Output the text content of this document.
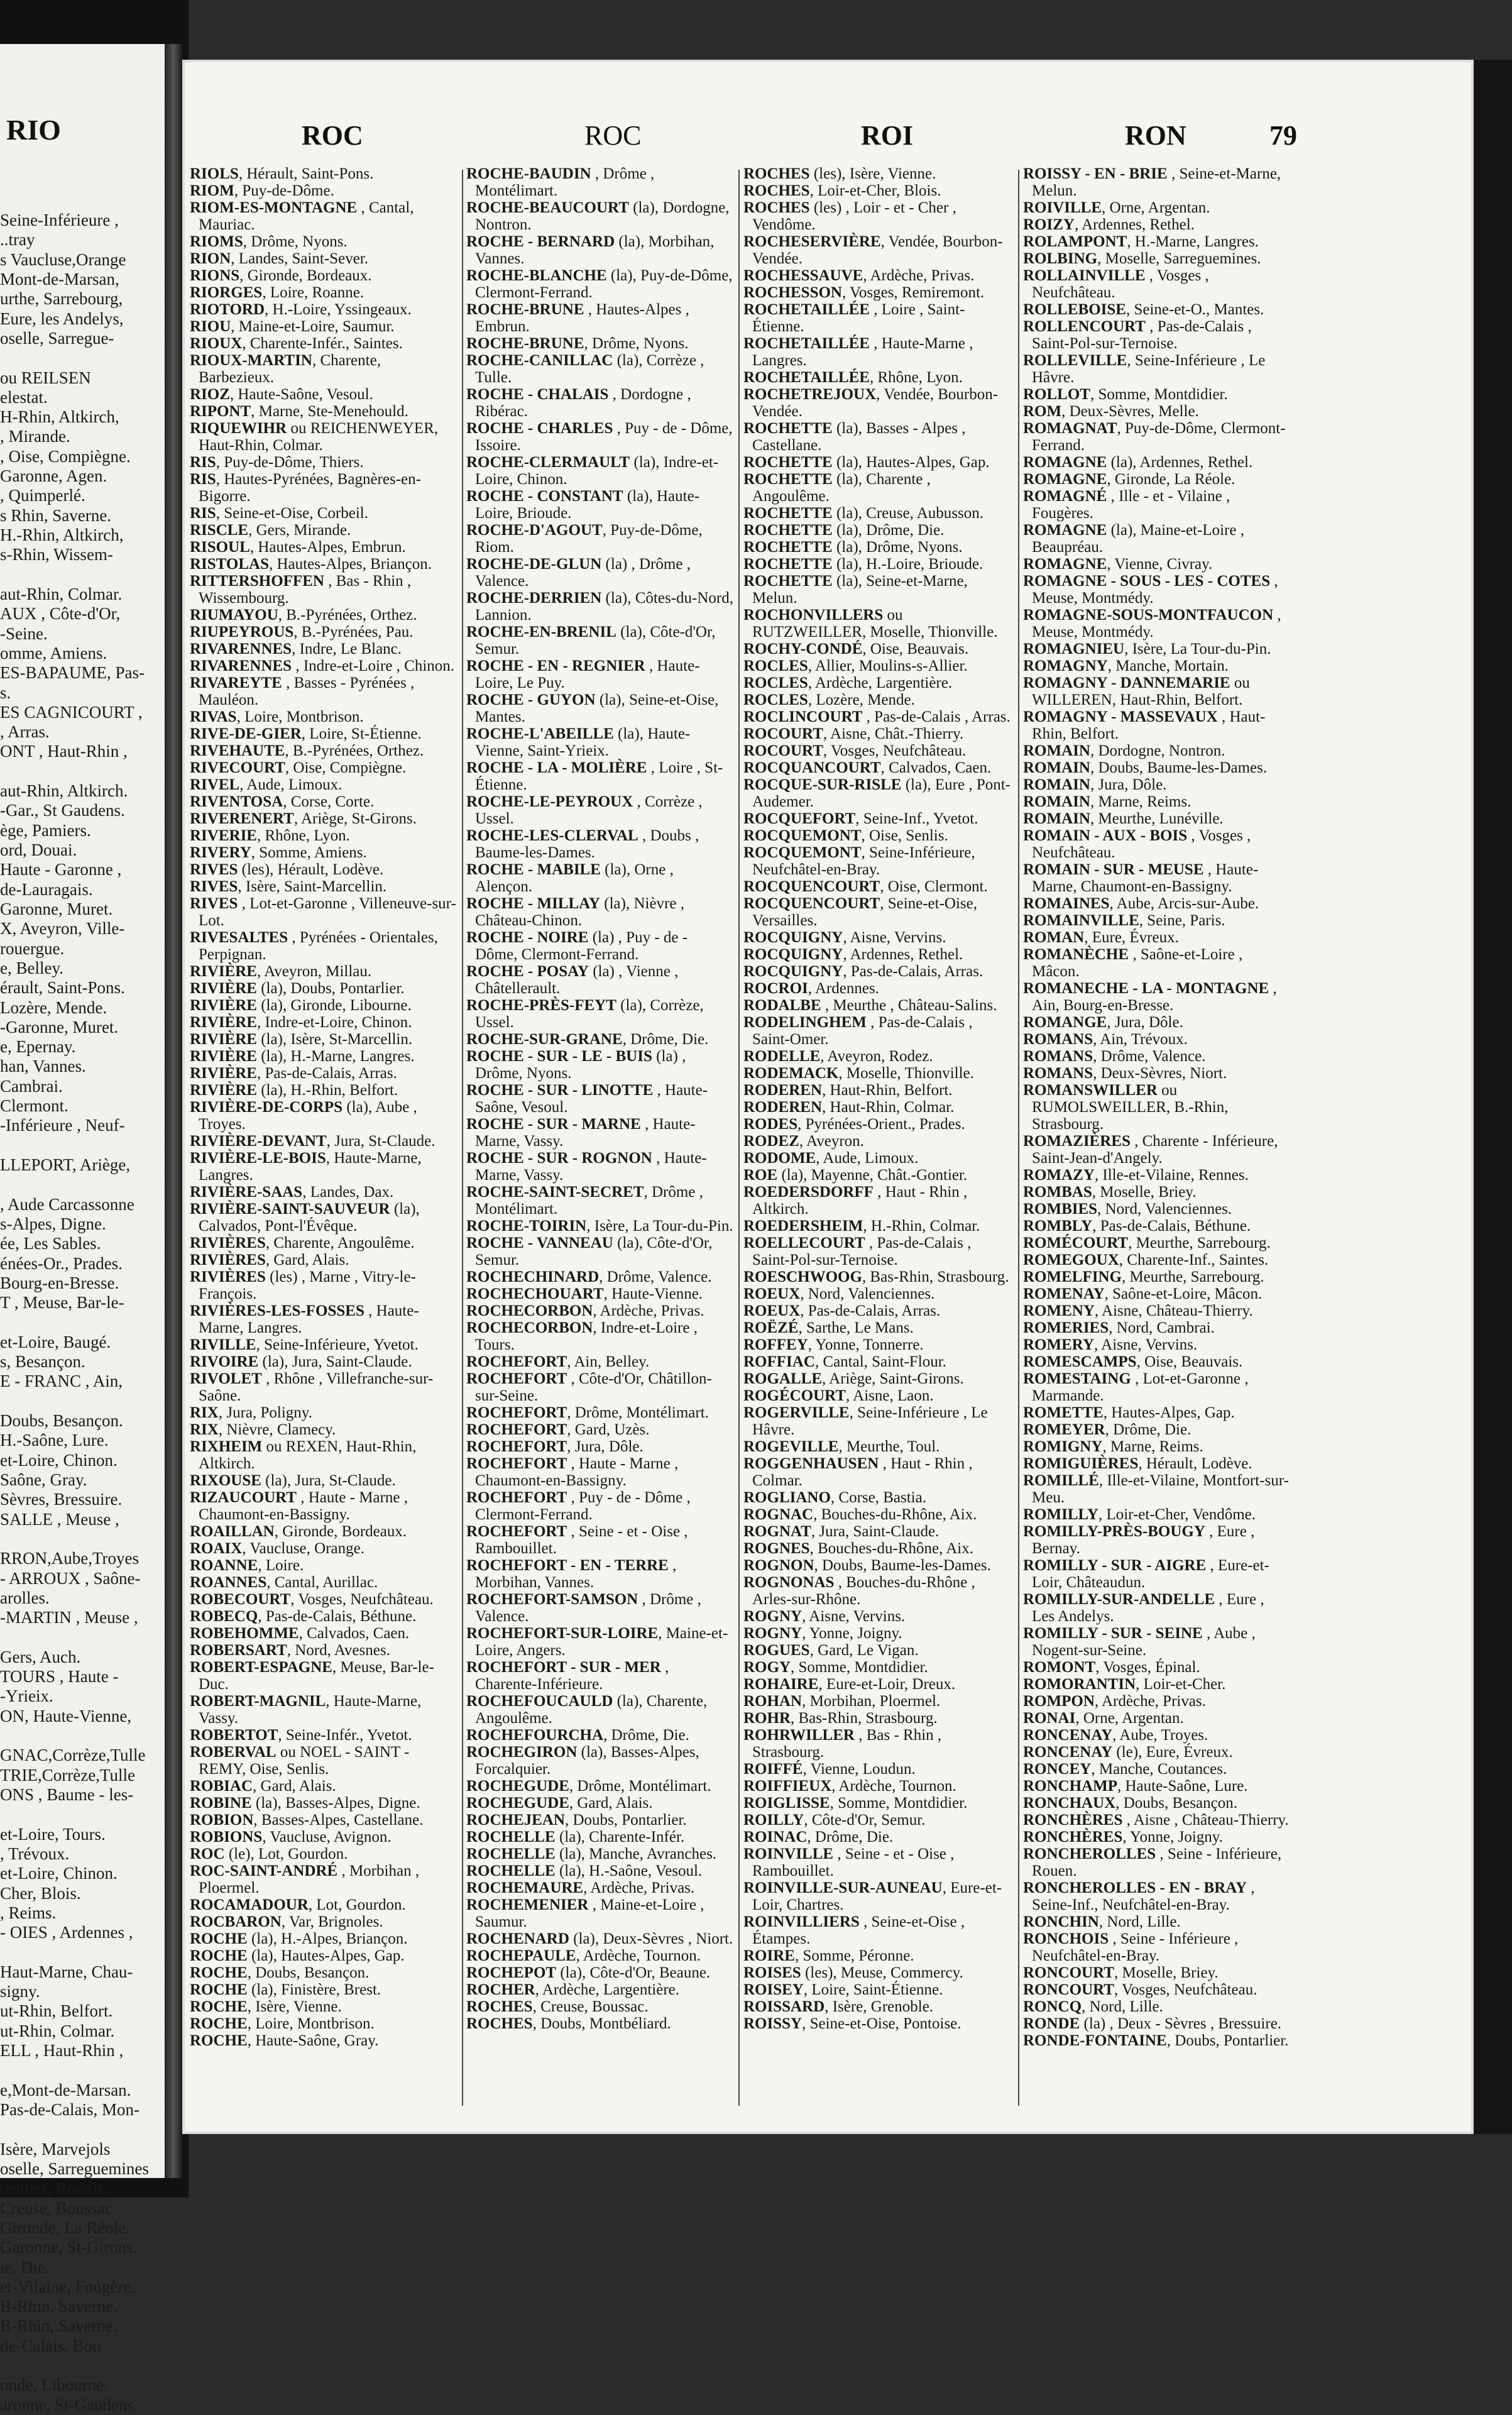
RIO
Seine-Inférieure ,
..tray
s Vaucluse,Orange
Mont-de-Marsan,
urthe, Sarrebourg,
Eure, les Andelys,
oselle, Sarregue-

ou REILSEN
elestat.
H-Rhin, Altkirch,
, Mirande.
, Oise, Compiègne.
Garonne, Agen.
, Quimperlé.
s Rhin, Saverne.
H.-Rhin, Altkirch,
s-Rhin, Wissem-

aut-Rhin, Colmar.
AUX , Côte-d'Or,
-Seine.
omme, Amiens.
ES-BAPAUME, Pas-
s.
ES CAGNICOURT ,
, Arras.
ONT , Haut-Rhin ,

aut-Rhin, Altkirch.
-Gar., St Gaudens.
ège, Pamiers.
ord, Douai.
Haute - Garonne ,
de-Lauragais.
Garonne, Muret.
X, Aveyron, Ville-
rouergue.
e, Belley.
érault, Saint-Pons.
Lozère, Mende.
-Garonne, Muret.
e, Epernay.
han, Vannes.
Cambrai.
Clermont.
-Inférieure , Neuf-

LLEPORT, Ariège,

, Aude Carcassonne
s-Alpes, Digne.
ée, Les Sables.
énées-Or., Prades.
Bourg-en-Bresse.
T , Meuse, Bar-le-

et-Loire, Baugé.
s, Besançon.
E - FRANC , Ain,

Doubs, Besançon.
H.-Saône, Lure.
et-Loire, Chinon.
Saône, Gray.
Sèvres, Bressuire.
SALLE , Meuse ,

RRON,Aube,Troyes
- ARROUX , Saône-
arolles.
-MARTIN , Meuse ,

Gers, Auch.
TOURS , Haute -
-Yrieix.
ON, Haute-Vienne,

GNAC,Corrèze,Tulle
TRIE,Corrèze,Tulle
ONS , Baume - les-

et-Loire, Tours.
, Trévoux.
et-Loire, Chinon.
Cher, Blois.
, Reims.
- OIES , Ardennes ,

Haut-Marne, Chau-
signy.
ut-Rhin, Belfort.
ut-Rhin, Colmar.
ELL , Haut-Rhin ,

e,Mont-de-Marsan.
Pas-de-Calais, Mon-

Isère, Marvejols
oselle, Sarreguemines
dennes, Rocroi.
Creuse, Boussac.
Gironde, La Réole.
Garonne, St-Girons.
ie, Die.
et-Vilaine, Fougère.
B-Rhin, Saverne.
B-Rhin, Saverne.
de-Calais, Bou

onde, Libourne.
aronne, St-Gaudens.
ROC	ROC	ROI	RON	79
RIOLS, Hérault, Saint-Pons.
RIOM, Puy-de-Dôme.
RIOM-ES-MONTAGNE , Cantal, Mauriac.
RIOMS, Drôme, Nyons.
RION, Landes, Saint-Sever.
RIONS, Gironde, Bordeaux.
RIORGES, Loire, Roanne.
RIOTORD, H.-Loire, Yssingeaux.
RIOU, Maine-et-Loire, Saumur.
RIOUX, Charente-Infér., Saintes.
RIOUX-MARTIN, Charente, Barbezieux.
RIOZ, Haute-Saône, Vesoul.
RIPONT, Marne, Ste-Menehould.
RIQUEWIHR ou REICHENWEYER, Haut-Rhin, Colmar.
RIS, Puy-de-Dôme, Thiers.
RIS, Hautes-Pyrénées, Bagnères-en-Bigorre.
RIS, Seine-et-Oise, Corbeil.
RISCLE, Gers, Mirande.
RISOUL, Hautes-Alpes, Embrun.
RISTOLAS, Hautes-Alpes, Briançon.
RITTERSHOFFEN , Bas - Rhin , Wissembourg.
RIUMAYOU, B.-Pyrénées, Orthez.
RIUPEYROUS, B.-Pyrénées, Pau.
RIVARENNES, Indre, Le Blanc.
RIVARENNES , Indre-et-Loire , Chinon.
RIVAREYTE , Basses - Pyrénées , Mauléon.
RIVAS, Loire, Montbrison.
RIVE-DE-GIER, Loire, St-Étienne.
RIVEHAUTE, B.-Pyrénées, Orthez.
RIVECOURT, Oise, Compiègne.
RIVEL, Aude, Limoux.
RIVENTOSA, Corse, Corte.
RIVERENERT, Ariège, St-Girons.
RIVERIE, Rhône, Lyon.
RIVERY, Somme, Amiens.
RIVES (les), Hérault, Lodève.
RIVES, Isère, Saint-Marcellin.
RIVES , Lot-et-Garonne , Villeneuve-sur-Lot.
RIVESALTES , Pyrénées - Orientales, Perpignan.
RIVIÈRE, Aveyron, Millau.
RIVIÈRE (la), Doubs, Pontarlier.
RIVIÈRE (la), Gironde, Libourne.
RIVIÈRE, Indre-et-Loire, Chinon.
RIVIÈRE (la), Isère, St-Marcellin.
RIVIÈRE (la), H.-Marne, Langres.
RIVIÈRE, Pas-de-Calais, Arras.
RIVIÈRE (la), H.-Rhin, Belfort.
RIVIÈRE-DE-CORPS (la), Aube , Troyes.
RIVIÈRE-DEVANT, Jura, St-Claude.
RIVIÈRE-LE-BOIS, Haute-Marne, Langres.
RIVIÈRE-SAAS, Landes, Dax.
RIVIÈRE-SAINT-SAUVEUR (la), Calvados, Pont-l'Évêque.
RIVIÈRES, Charente, Angoulême.
RIVIÈRES, Gard, Alais.
RIVIÈRES (les) , Marne , Vitry-le-François.
RIVIÈRES-LES-FOSSES , Haute-Marne, Langres.
RIVILLE, Seine-Inférieure, Yvetot.
RIVOIRE (la), Jura, Saint-Claude.
RIVOLET , Rhône , Villefranche-sur-Saône.
RIX, Jura, Poligny.
RIX, Nièvre, Clamecy.
RIXHEIM ou REXEN, Haut-Rhin, Altkirch.
RIXOUSE (la), Jura, St-Claude.
RIZAUCOURT , Haute - Marne , Chaumont-en-Bassigny.
ROAILLAN, Gironde, Bordeaux.
ROAIX, Vaucluse, Orange.
ROANNE, Loire.
ROANNES, Cantal, Aurillac.
ROBECOURT, Vosges, Neufchâteau.
ROBECQ, Pas-de-Calais, Béthune.
ROBEHOMME, Calvados, Caen.
ROBERSART, Nord, Avesnes.
ROBERT-ESPAGNE, Meuse, Bar-le-Duc.
ROBERT-MAGNIL, Haute-Marne, Vassy.
ROBERTOT, Seine-Infér., Yvetot.
ROBERVAL ou NOEL - SAINT - REMY, Oise, Senlis.
ROBIAC, Gard, Alais.
ROBINE (la), Basses-Alpes, Digne.
ROBION, Basses-Alpes, Castellane.
ROBIONS, Vaucluse, Avignon.
ROC (le), Lot, Gourdon.
ROC-SAINT-ANDRÉ , Morbihan , Ploermel.
ROCAMADOUR, Lot, Gourdon.
ROCBARON, Var, Brignoles.
ROCHE (la), H.-Alpes, Briançon.
ROCHE (la), Hautes-Alpes, Gap.
ROCHE, Doubs, Besançon.
ROCHE (la), Finistère, Brest.
ROCHE, Isère, Vienne.
ROCHE, Loire, Montbrison.
ROCHE, Haute-Saône, Gray.
ROCHE-BAUDIN , Drôme , Montélimart.
ROCHE-BEAUCOURT (la), Dordogne, Nontron.
ROCHE - BERNARD (la), Morbihan, Vannes.
ROCHE-BLANCHE (la), Puy-de-Dôme, Clermont-Ferrand.
ROCHE-BRUNE , Hautes-Alpes , Embrun.
ROCHE-BRUNE, Drôme, Nyons.
ROCHE-CANILLAC (la), Corrèze , Tulle.
ROCHE - CHALAIS , Dordogne , Ribérac.
ROCHE - CHARLES , Puy - de - Dôme, Issoire.
ROCHE-CLERMAULT (la), Indre-et-Loire, Chinon.
ROCHE - CONSTANT (la), Haute-Loire, Brioude.
ROCHE-D'AGOUT, Puy-de-Dôme, Riom.
ROCHE-DE-GLUN (la) , Drôme , Valence.
ROCHE-DERRIEN (la), Côtes-du-Nord, Lannion.
ROCHE-EN-BRENIL (la), Côte-d'Or, Semur.
ROCHE - EN - REGNIER , Haute-Loire, Le Puy.
ROCHE - GUYON (la), Seine-et-Oise, Mantes.
ROCHE-L'ABEILLE (la), Haute-Vienne, Saint-Yrieix.
ROCHE - LA - MOLIÈRE , Loire , St-Étienne.
ROCHE-LE-PEYROUX , Corrèze , Ussel.
ROCHE-LES-CLERVAL , Doubs , Baume-les-Dames.
ROCHE - MABILE (la), Orne , Alençon.
ROCHE - MILLAY (la), Nièvre , Château-Chinon.
ROCHE - NOIRE (la) , Puy - de - Dôme, Clermont-Ferrand.
ROCHE - POSAY (la) , Vienne , Châtellerault.
ROCHE-PRÈS-FEYT (la), Corrèze, Ussel.
ROCHE-SUR-GRANE, Drôme, Die.
ROCHE - SUR - LE - BUIS (la) , Drôme, Nyons.
ROCHE - SUR - LINOTTE , Haute-Saône, Vesoul.
ROCHE - SUR - MARNE , Haute-Marne, Vassy.
ROCHE - SUR - ROGNON , Haute-Marne, Vassy.
ROCHE-SAINT-SECRET, Drôme , Montélimart.
ROCHE-TOIRIN, Isère, La Tour-du-Pin.
ROCHE - VANNEAU (la), Côte-d'Or, Semur.
ROCHECHINARD, Drôme, Valence.
ROCHECHOUART, Haute-Vienne.
ROCHECORBON, Ardèche, Privas.
ROCHECORBON, Indre-et-Loire , Tours.
ROCHEFORT, Ain, Belley.
ROCHEFORT , Côte-d'Or, Châtillon-sur-Seine.
ROCHEFORT, Drôme, Montélimart.
ROCHEFORT, Gard, Uzès.
ROCHEFORT, Jura, Dôle.
ROCHEFORT , Haute - Marne , Chaumont-en-Bassigny.
ROCHEFORT , Puy - de - Dôme , Clermont-Ferrand.
ROCHEFORT , Seine - et - Oise , Rambouillet.
ROCHEFORT - EN - TERRE , Morbihan, Vannes.
ROCHEFORT-SAMSON , Drôme , Valence.
ROCHEFORT-SUR-LOIRE, Maine-et-Loire, Angers.
ROCHEFORT - SUR - MER , Charente-Inférieure.
ROCHEFOUCAULD (la), Charente, Angoulême.
ROCHEFOURCHA, Drôme, Die.
ROCHEGIRON (la), Basses-Alpes, Forcalquier.
ROCHEGUDE, Drôme, Montélimart.
ROCHEGUDE, Gard, Alais.
ROCHEJEAN, Doubs, Pontarlier.
ROCHELLE (la), Charente-Infér.
ROCHELLE (la), Manche, Avranches.
ROCHELLE (la), H.-Saône, Vesoul.
ROCHEMAURE, Ardèche, Privas.
ROCHEMENIER , Maine-et-Loire , Saumur.
ROCHENARD (la), Deux-Sèvres , Niort.
ROCHEPAULE, Ardèche, Tournon.
ROCHEPOT (la), Côte-d'Or, Beaune.
ROCHER, Ardèche, Largentière.
ROCHES, Creuse, Boussac.
ROCHES, Doubs, Montbéliard.
ROCHES (les), Isère, Vienne.
ROCHES, Loir-et-Cher, Blois.
ROCHES (les) , Loir - et - Cher , Vendôme.
ROCHESERVIÈRE, Vendée, Bourbon-Vendée.
ROCHESSAUVE, Ardèche, Privas.
ROCHESSON, Vosges, Remiremont.
ROCHETAILLÉE , Loire , Saint-Étienne.
ROCHETAILLÉE , Haute-Marne , Langres.
ROCHETAILLÉE, Rhône, Lyon.
ROCHETREJOUX, Vendée, Bourbon-Vendée.
ROCHETTE (la), Basses - Alpes , Castellane.
ROCHETTE (la), Hautes-Alpes, Gap.
ROCHETTE (la), Charente , Angoulême.
ROCHETTE (la), Creuse, Aubusson.
ROCHETTE (la), Drôme, Die.
ROCHETTE (la), Drôme, Nyons.
ROCHETTE (la), H.-Loire, Brioude.
ROCHETTE (la), Seine-et-Marne, Melun.
ROCHONVILLERS ou RUTZWEILLER, Moselle, Thionville.
ROCHY-CONDÉ, Oise, Beauvais.
ROCLES, Allier, Moulins-s-Allier.
ROCLES, Ardèche, Largentière.
ROCLES, Lozère, Mende.
ROCLINCOURT , Pas-de-Calais , Arras.
ROCOURT, Aisne, Chât.-Thierry.
ROCOURT, Vosges, Neufchâteau.
ROCQUANCOURT, Calvados, Caen.
ROCQUE-SUR-RISLE (la), Eure , Pont-Audemer.
ROCQUEFORT, Seine-Inf., Yvetot.
ROCQUEMONT, Oise, Senlis.
ROCQUEMONT, Seine-Inférieure, Neufchâtel-en-Bray.
ROCQUENCOURT, Oise, Clermont.
ROCQUENCOURT, Seine-et-Oise, Versailles.
ROCQUIGNY, Aisne, Vervins.
ROCQUIGNY, Ardennes, Rethel.
ROCQUIGNY, Pas-de-Calais, Arras.
ROCROI, Ardennes.
RODALBE , Meurthe , Château-Salins.
RODELINGHEM , Pas-de-Calais , Saint-Omer.
RODELLE, Aveyron, Rodez.
RODEMACK, Moselle, Thionville.
RODEREN, Haut-Rhin, Belfort.
RODEREN, Haut-Rhin, Colmar.
RODES, Pyrénées-Orient., Prades.
RODEZ, Aveyron.
RODOME, Aude, Limoux.
ROE (la), Mayenne, Chât.-Gontier.
ROEDERSDORFF , Haut - Rhin , Altkirch.
ROEDERSHEIM, H.-Rhin, Colmar.
ROELLECOURT , Pas-de-Calais , Saint-Pol-sur-Ternoise.
ROESCHWOOG, Bas-Rhin, Strasbourg.
ROEUX, Nord, Valenciennes.
ROEUX, Pas-de-Calais, Arras.
ROËZÉ, Sarthe, Le Mans.
ROFFEY, Yonne, Tonnerre.
ROFFIAC, Cantal, Saint-Flour.
ROGALLE, Ariège, Saint-Girons.
ROGÉCOURT, Aisne, Laon.
ROGERVILLE, Seine-Inférieure , Le Hâvre.
ROGEVILLE, Meurthe, Toul.
ROGGENHAUSEN , Haut - Rhin , Colmar.
ROGLIANO, Corse, Bastia.
ROGNAC, Bouches-du-Rhône, Aix.
ROGNAT, Jura, Saint-Claude.
ROGNES, Bouches-du-Rhône, Aix.
ROGNON, Doubs, Baume-les-Dames.
ROGNONAS , Bouches-du-Rhône , Arles-sur-Rhône.
ROGNY, Aisne, Vervins.
ROGNY, Yonne, Joigny.
ROGUES, Gard, Le Vigan.
ROGY, Somme, Montdidier.
ROHAIRE, Eure-et-Loir, Dreux.
ROHAN, Morbihan, Ploermel.
ROHR, Bas-Rhin, Strasbourg.
ROHRWILLER , Bas - Rhin , Strasbourg.
ROIFFÉ, Vienne, Loudun.
ROIFFIEUX, Ardèche, Tournon.
ROIGLISSE, Somme, Montdidier.
ROILLY, Côte-d'Or, Semur.
ROINAC, Drôme, Die.
ROINVILLE , Seine - et - Oise , Rambouillet.
ROINVILLE-SUR-AUNEAU, Eure-et-Loir, Chartres.
ROINVILLIERS , Seine-et-Oise , Étampes.
ROIRE, Somme, Péronne.
ROISES (les), Meuse, Commercy.
ROISEY, Loire, Saint-Étienne.
ROISSARD, Isère, Grenoble.
ROISSY, Seine-et-Oise, Pontoise.
ROISSY - EN - BRIE , Seine-et-Marne, Melun.
ROIVILLE, Orne, Argentan.
ROIZY, Ardennes, Rethel.
ROLAMPONT, H.-Marne, Langres.
ROLBING, Moselle, Sarreguemines.
ROLLAINVILLE , Vosges , Neufchâteau.
ROLLEBOISE, Seine-et-O., Mantes.
ROLLENCOURT , Pas-de-Calais , Saint-Pol-sur-Ternoise.
ROLLEVILLE, Seine-Inférieure , Le Hâvre.
ROLLOT, Somme, Montdidier.
ROM, Deux-Sèvres, Melle.
ROMAGNAT, Puy-de-Dôme, Clermont-Ferrand.
ROMAGNE (la), Ardennes, Rethel.
ROMAGNE, Gironde, La Réole.
ROMAGNÉ , Ille - et - Vilaine , Fougères.
ROMAGNE (la), Maine-et-Loire , Beaupréau.
ROMAGNE, Vienne, Civray.
ROMAGNE - SOUS - LES - COTES , Meuse, Montmédy.
ROMAGNE-SOUS-MONTFAUCON , Meuse, Montmédy.
ROMAGNIEU, Isère, La Tour-du-Pin.
ROMAGNY, Manche, Mortain.
ROMAGNY - DANNEMARIE ou WILLEREN, Haut-Rhin, Belfort.
ROMAGNY - MASSEVAUX , Haut-Rhin, Belfort.
ROMAIN, Dordogne, Nontron.
ROMAIN, Doubs, Baume-les-Dames.
ROMAIN, Jura, Dôle.
ROMAIN, Marne, Reims.
ROMAIN, Meurthe, Lunéville.
ROMAIN - AUX - BOIS , Vosges , Neufchâteau.
ROMAIN - SUR - MEUSE , Haute-Marne, Chaumont-en-Bassigny.
ROMAINES, Aube, Arcis-sur-Aube.
ROMAINVILLE, Seine, Paris.
ROMAN, Eure, Évreux.
ROMANÈCHE , Saône-et-Loire , Mâcon.
ROMANECHE - LA - MONTAGNE , Ain, Bourg-en-Bresse.
ROMANGE, Jura, Dôle.
ROMANS, Ain, Trévoux.
ROMANS, Drôme, Valence.
ROMANS, Deux-Sèvres, Niort.
ROMANSWILLER ou RUMOLSWEILLER, B.-Rhin, Strasbourg.
ROMAZIÈRES , Charente - Inférieure, Saint-Jean-d'Angely.
ROMAZY, Ille-et-Vilaine, Rennes.
ROMBAS, Moselle, Briey.
ROMBIES, Nord, Valenciennes.
ROMBLY, Pas-de-Calais, Béthune.
ROMÉCOURT, Meurthe, Sarrebourg.
ROMEGOUX, Charente-Inf., Saintes.
ROMELFING, Meurthe, Sarrebourg.
ROMENAY, Saône-et-Loire, Mâcon.
ROMENY, Aisne, Château-Thierry.
ROMERIES, Nord, Cambrai.
ROMERY, Aisne, Vervins.
ROMESCAMPS, Oise, Beauvais.
ROMESTAING , Lot-et-Garonne , Marmande.
ROMETTE, Hautes-Alpes, Gap.
ROMEYER, Drôme, Die.
ROMIGNY, Marne, Reims.
ROMIGUIÈRES, Hérault, Lodève.
ROMILLÉ, Ille-et-Vilaine, Montfort-sur-Meu.
ROMILLY, Loir-et-Cher, Vendôme.
ROMILLY-PRÈS-BOUGY , Eure , Bernay.
ROMILLY - SUR - AIGRE , Eure-et-Loir, Châteaudun.
ROMILLY-SUR-ANDELLE , Eure , Les Andelys.
ROMILLY - SUR - SEINE , Aube , Nogent-sur-Seine.
ROMONT, Vosges, Épinal.
ROMORANTIN, Loir-et-Cher.
ROMPON, Ardèche, Privas.
RONAI, Orne, Argentan.
RONCENAY, Aube, Troyes.
RONCENAY (le), Eure, Évreux.
RONCEY, Manche, Coutances.
RONCHAMP, Haute-Saône, Lure.
RONCHAUX, Doubs, Besançon.
RONCHÈRES , Aisne , Château-Thierry.
RONCHÈRES, Yonne, Joigny.
RONCHEROLLES , Seine - Inférieure, Rouen.
RONCHEROLLES - EN - BRAY , Seine-Inf., Neufchâtel-en-Bray.
RONCHIN, Nord, Lille.
RONCHOIS , Seine - Inférieure , Neufchâtel-en-Bray.
RONCOURT, Moselle, Briey.
RONCOURT, Vosges, Neufchâteau.
RONCQ, Nord, Lille.
RONDE (la) , Deux - Sèvres , Bressuire.
RONDE-FONTAINE, Doubs, Pontarlier.
